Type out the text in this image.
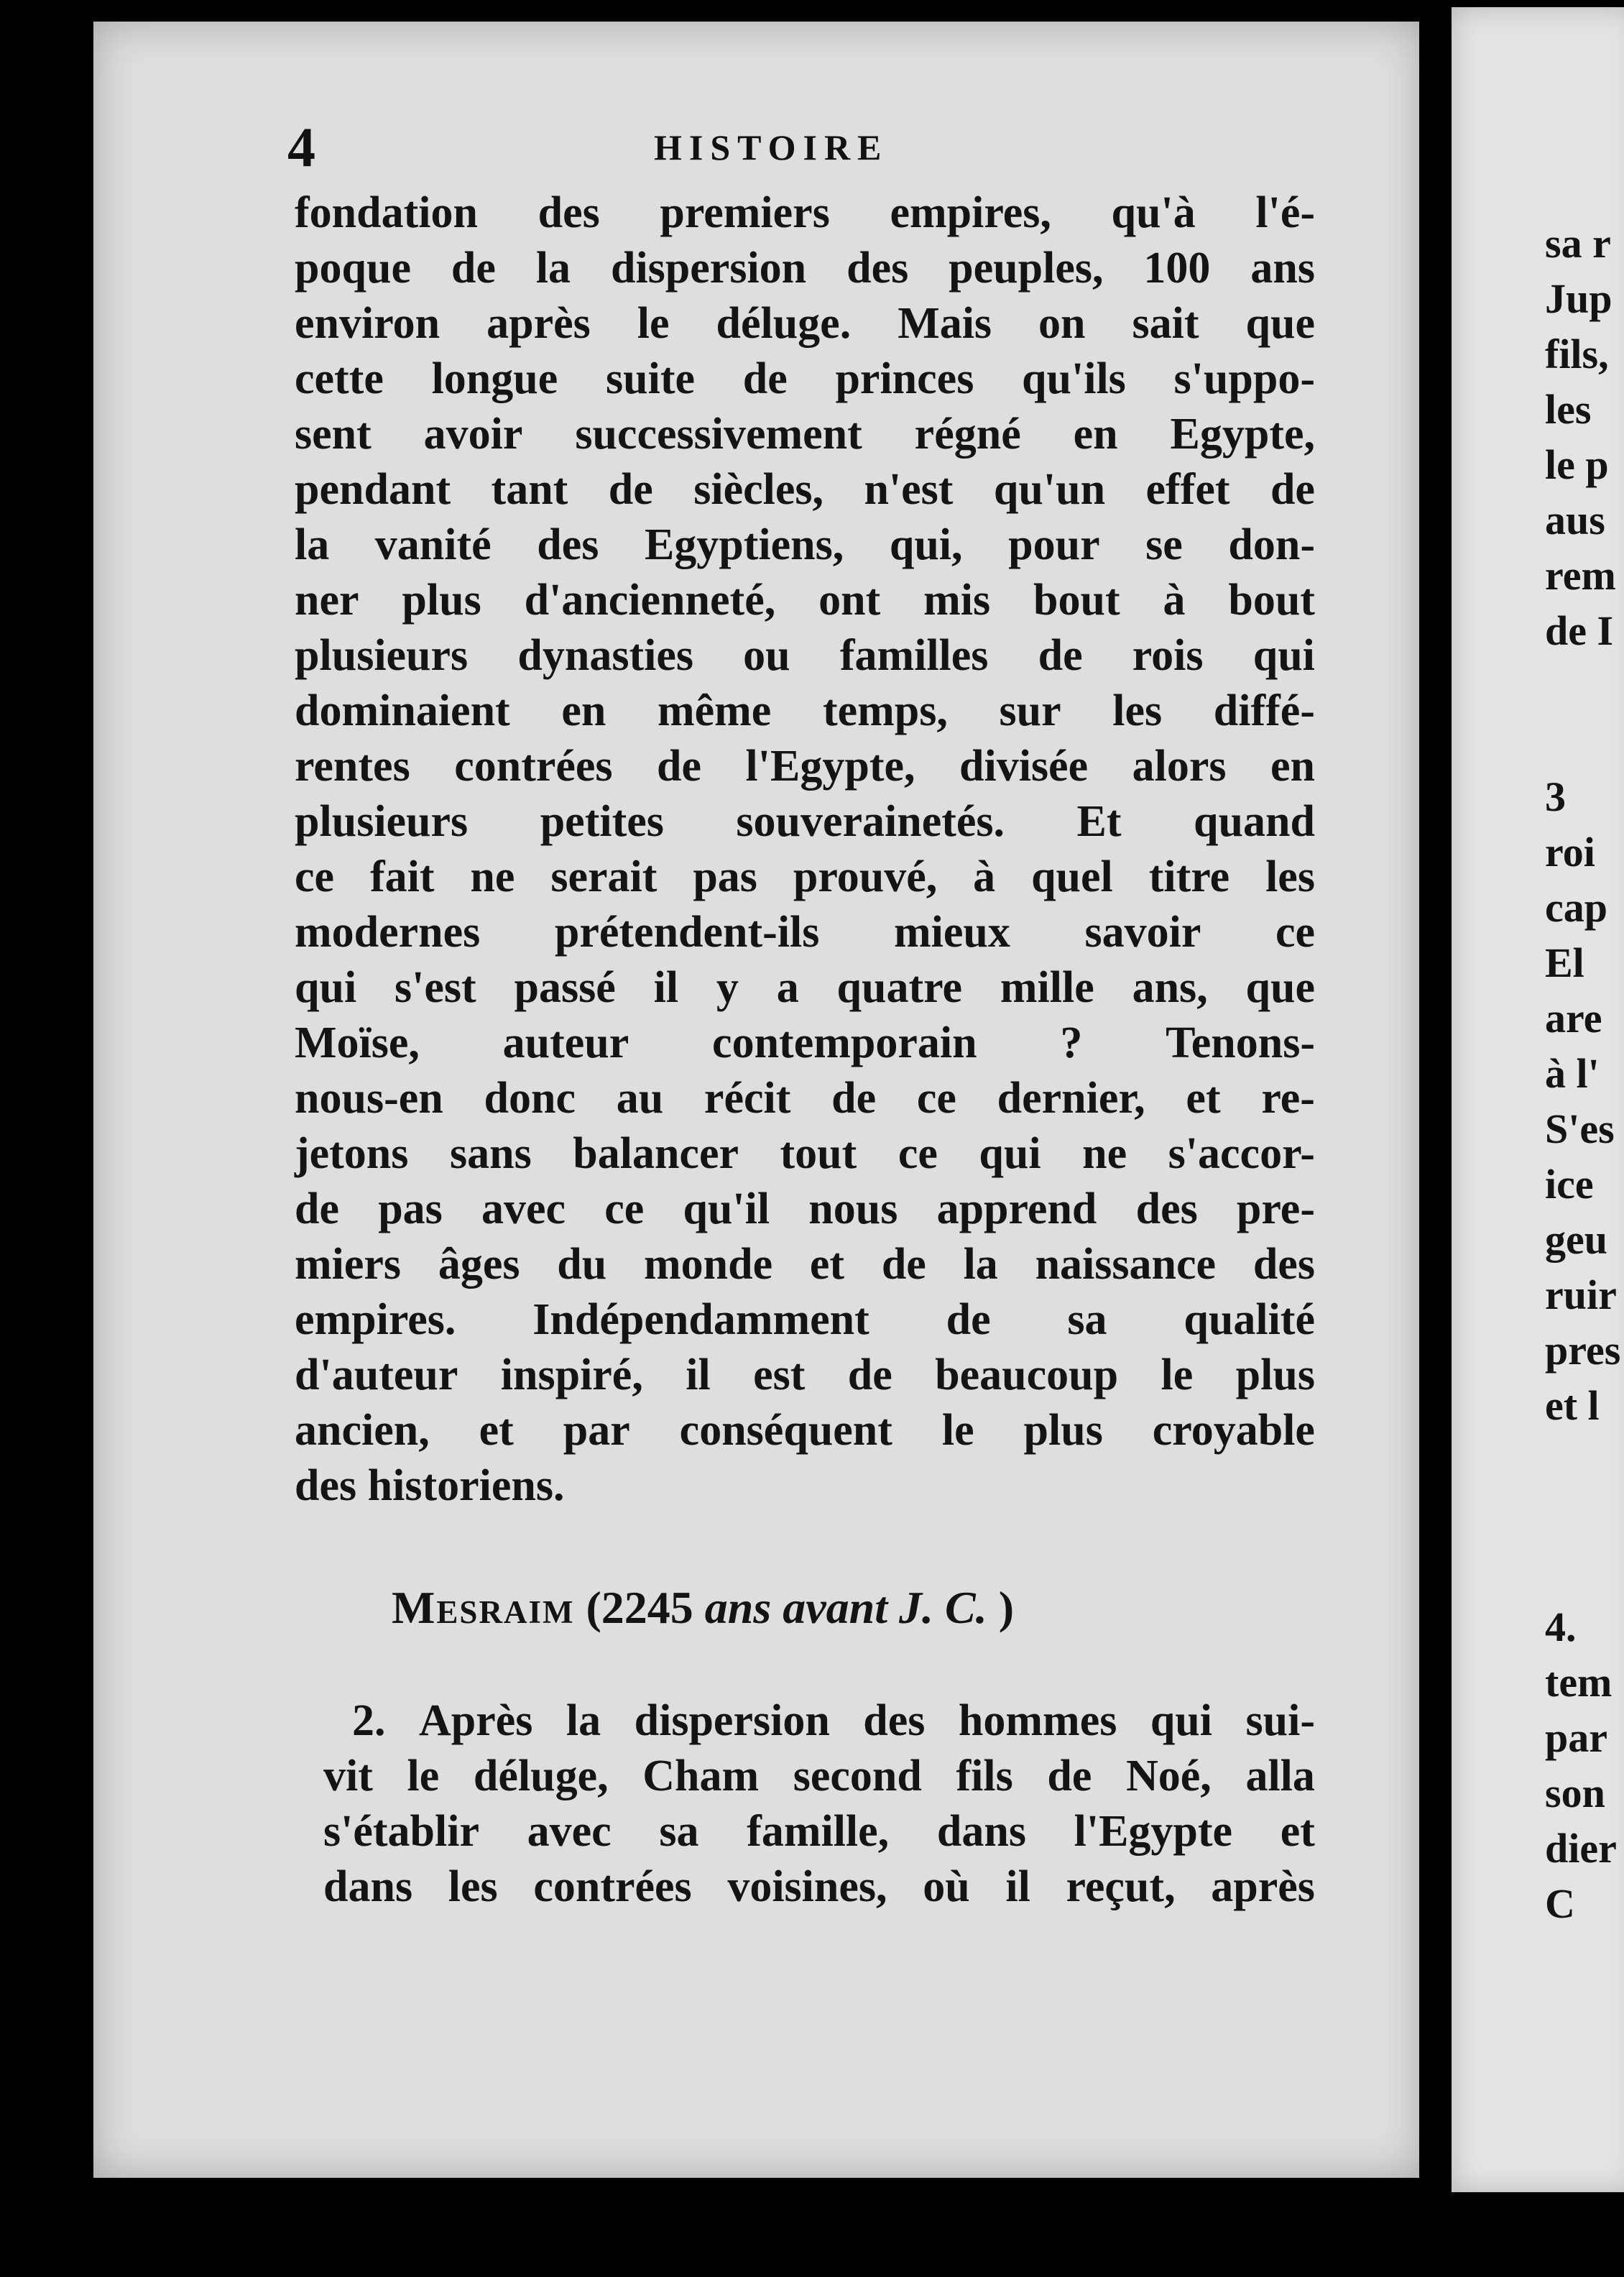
4	HISTOIRE
fondation des premiers empires, qu'à l'é-
poque de la dispersion des peuples, 100 ans
environ après le déluge. Mais on sait que
cette longue suite de princes qu'ils s'uppo-
sent avoir successivement régné en Egypte,
pendant tant de siècles, n'est qu'un effet de
la vanité des Egyptiens, qui, pour se don-
ner plus d'ancienneté, ont mis bout à bout
plusieurs dynasties ou familles de rois qui
dominaient en même temps, sur les diffé-
rentes contrées de l'Egypte, divisée alors en
plusieurs petites souverainetés. Et quand
ce fait ne serait pas prouvé, à quel titre les
modernes prétendent-ils mieux savoir ce
qui s'est passé il y a quatre mille ans, que
Moïse, auteur contemporain ? Tenons-
nous-en donc au récit de ce dernier, et re-
jetons sans balancer tout ce qui ne s'accor-
de pas avec ce qu'il nous apprend des pre-
miers âges du monde et de la naissance des
empires. Indépendamment de sa qualité
d'auteur inspiré, il est de beaucoup le plus
ancien, et par conséquent le plus croyable
des historiens.
Mesraim (2245 ans avant J. C. )
2. Après la dispersion des hommes qui sui-
vit le déluge, Cham second fils de Noé, alla
s'établir avec sa famille, dans l'Egypte et
dans les contrées voisines, où il reçut, après
sa r
Jup
fils,
les
le p
aus
rem
de I
3
roi
cap
El
are
à l'
S'es
ice
geu
ruir
pres
et l
4.
tem
par
son
dier
C
